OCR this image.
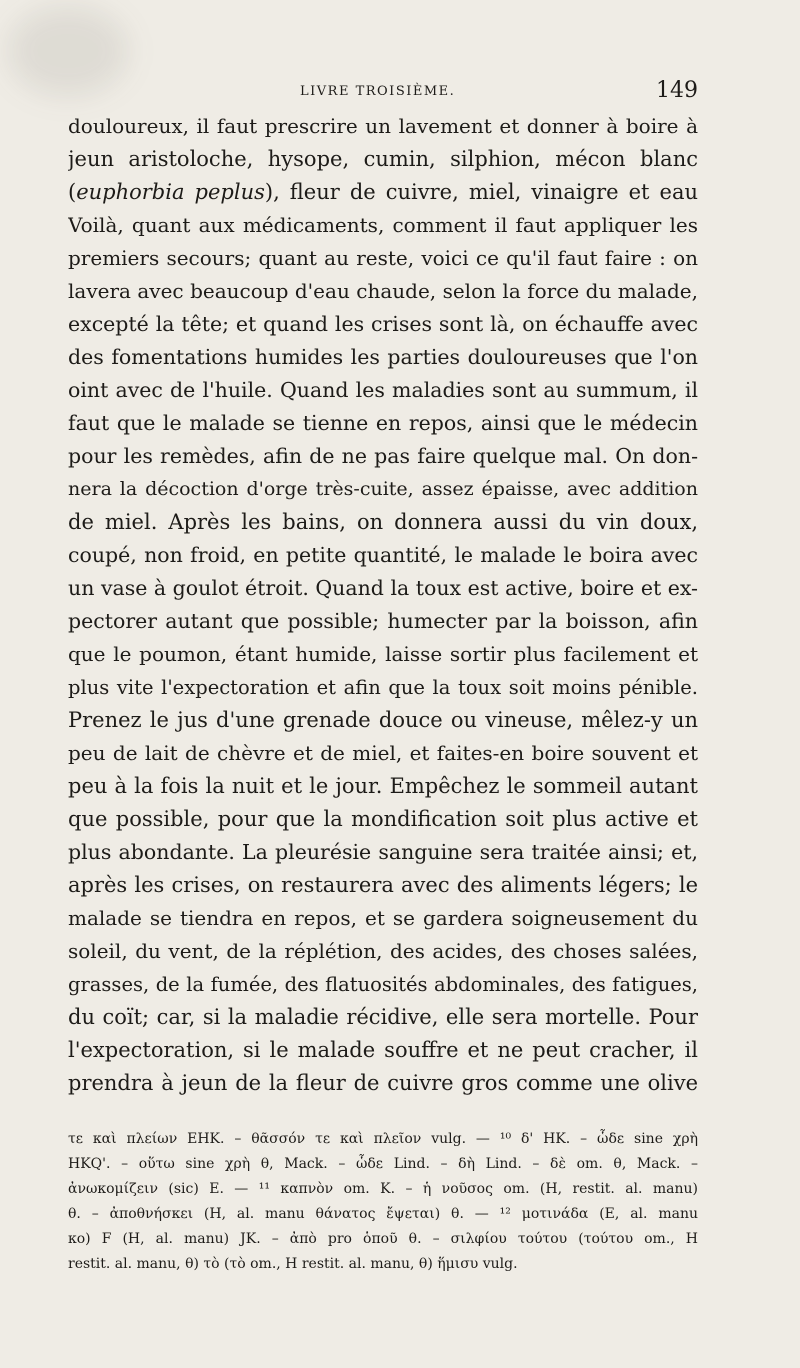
LIVRE TROISIÈME.	149
douloureux, il faut prescrire un lavement et donner à boire à
jeun aristoloche, hysope, cumin, silphion, mécon blanc
(euphorbia peplus), fleur de cuivre, miel, vinaigre et eau
Voilà, quant aux médicaments, comment il faut appliquer les
premiers secours; quant au reste, voici ce qu'il faut faire : on
lavera avec beaucoup d'eau chaude, selon la force du malade,
excepté la tête; et quand les crises sont là, on échauffe avec
des fomentations humides les parties douloureuses que l'on
oint avec de l'huile. Quand les maladies sont au summum, il
faut que le malade se tienne en repos, ainsi que le médecin
pour les remèdes, afin de ne pas faire quelque mal. On don-
nera la décoction d'orge très-cuite, assez épaisse, avec addition
de miel. Après les bains, on donnera aussi du vin doux,
coupé, non froid, en petite quantité, le malade le boira avec
un vase à goulot étroit. Quand la toux est active, boire et ex-
pectorer autant que possible; humecter par la boisson, afin
que le poumon, étant humide, laisse sortir plus facilement et
plus vite l'expectoration et afin que la toux soit moins pénible.
Prenez le jus d'une grenade douce ou vineuse, mêlez-y un
peu de lait de chèvre et de miel, et faites-en boire souvent et
peu à la fois la nuit et le jour. Empêchez le sommeil autant
que possible, pour que la mondification soit plus active et
plus abondante. La pleurésie sanguine sera traitée ainsi; et,
après les crises, on restaurera avec des aliments légers; le
malade se tiendra en repos, et se gardera soigneusement du
soleil, du vent, de la réplétion, des acides, des choses salées,
grasses, de la fumée, des flatuosités abdominales, des fatigues,
du coït; car, si la maladie récidive, elle sera mortelle. Pour
l'expectoration, si le malade souffre et ne peut cracher, il
prendra à jeun de la fleur de cuivre gros comme une olive
τε καὶ πλείων EHK. – θᾶσσόν τε καὶ πλεῖον vulg. — ¹⁰ δ' HK. – ὧδε sine χρὴ
HKQ'. – οὕτω sine χρὴ θ, Mack. – ὧδε Lind. – δὴ Lind. – δὲ om. θ, Mack. –
ἀνωκομίζειν (sic) E. — ¹¹ καπνὸν om. K. – ἡ νοῦσος om. (H, restit. al. manu)
θ. – ἀποθνήσκει (H, al. manu θάνατος ἔψεται) θ. — ¹² μοτινάδα (E, al. manu
κο) F (H, al. manu) JK. – ἀπὸ pro ὁποῦ θ. – σιλφίου τούτου (τούτου om., H
restit. al. manu, θ) τὸ (τὸ om., H restit. al. manu, θ) ἥμισυ vulg.
